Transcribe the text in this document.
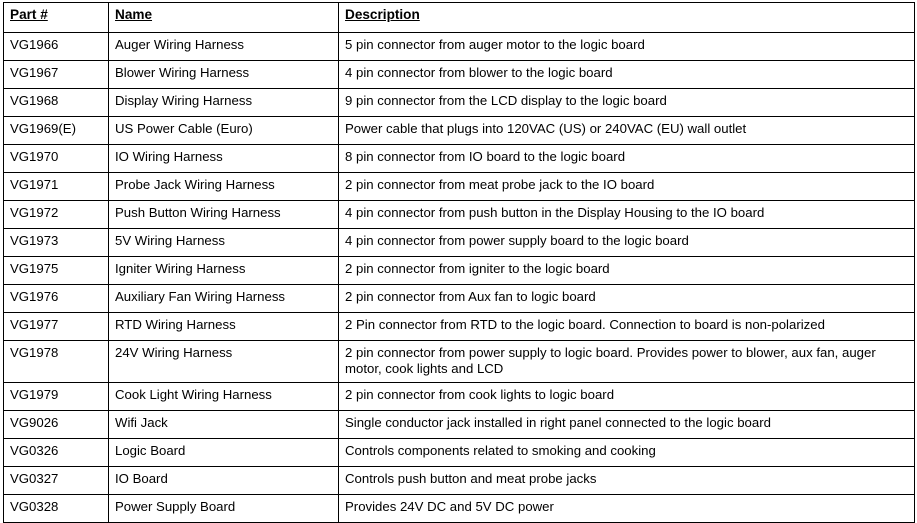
Part #	Name	Description

VG1966	Auger Wiring Harness	5 pin connector from auger motor to the logic board

VG1967	Blower Wiring Harness	4 pin connector from blower to the logic board

VG1968	Display Wiring Harness	9 pin connector from the LCD display to the logic board

VG1969(E)	US Power Cable (Euro)	Power cable that plugs into 120VAC (US) or 240VAC (EU) wall outlet

VG1970	IO Wiring Harness	8 pin connector from IO board to the logic board

VG1971	Probe Jack Wiring Harness	2 pin connector from meat probe jack to the IO board

VG1972	Push Button Wiring Harness	4 pin connector from push button in the Display Housing to the IO board

VG1973	5V Wiring Harness	4 pin connector from power supply board to the logic board

VG1975	Igniter Wiring Harness	2 pin connector from igniter to the logic board

VG1976	Auxiliary Fan Wiring Harness	2 pin connector from Aux fan to logic board

VG1977	RTD Wiring Harness	2 Pin connector from RTD to the logic board. Connection to board is non-polarized

VG1978	24V Wiring Harness	2 pin connector from power supply to logic board. Provides power to blower, aux fan, auger motor, cook lights and LCD

VG1979	Cook Light Wiring Harness	2 pin connector from cook lights to logic board

VG9026	Wifi Jack	Single conductor jack installed in right panel connected to the logic board

VG0326	Logic Board	Controls components related to smoking and cooking

VG0327	IO Board	Controls push button and meat probe jacks

VG0328	Power Supply Board	Provides 24V DC and 5V DC power
